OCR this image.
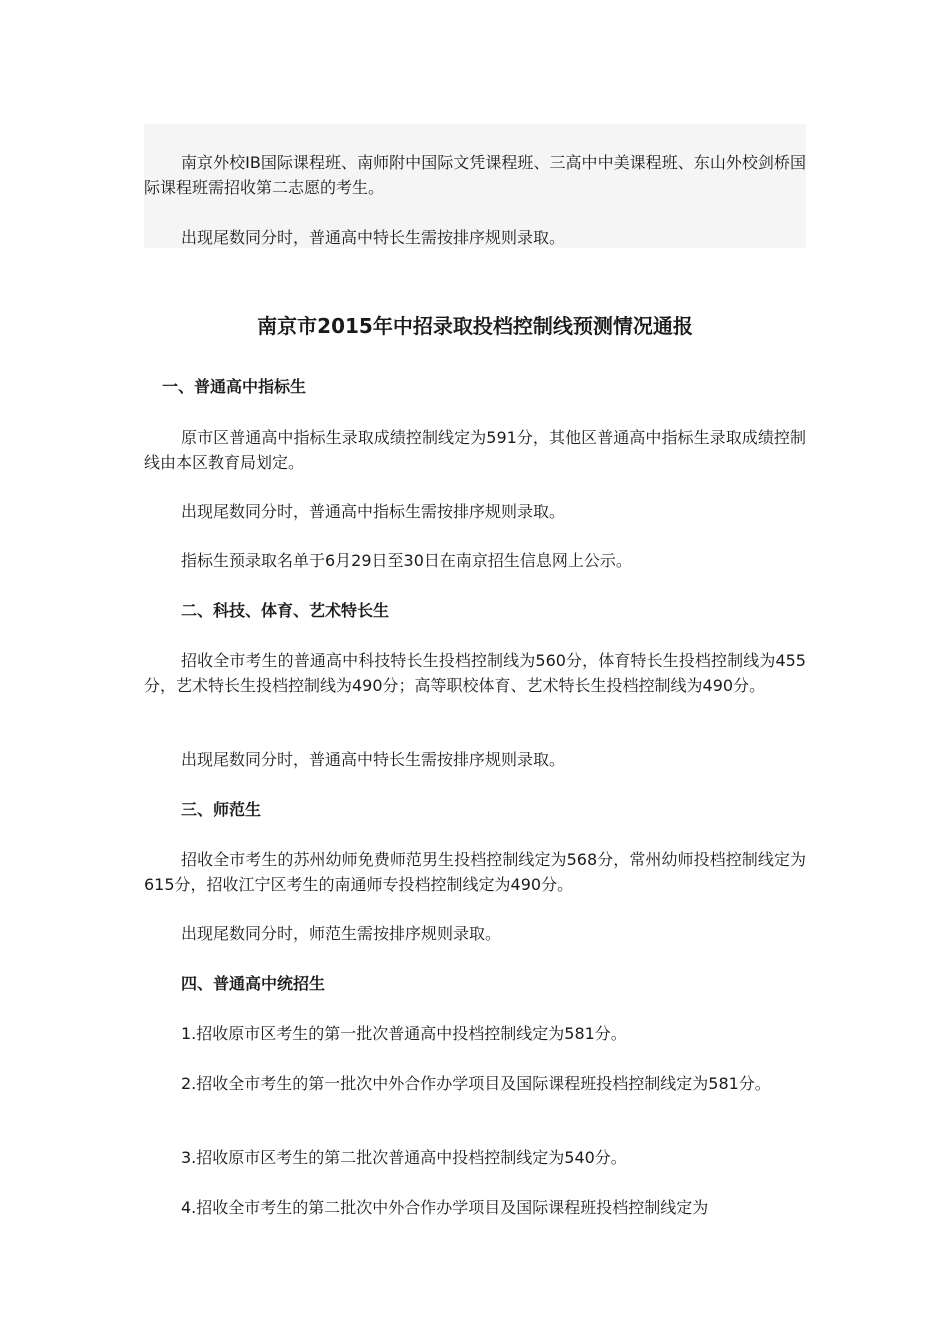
南京外校IB国际课程班、南师附中国际文凭课程班、三高中中美课程班、东山外校剑桥国际课程班需招收第二志愿的考生。

出现尾数同分时，普通高中特长生需按排序规则录取。

南京市2015年中招录取投档控制线预测情况通报

一、普通高中指标生

原市区普通高中指标生录取成绩控制线定为591分，其他区普通高中指标生录取成绩控制线由本区教育局划定。

出现尾数同分时，普通高中指标生需按排序规则录取。

指标生预录取名单于6月29日至30日在南京招生信息网上公示。

二、科技、体育、艺术特长生

招收全市考生的普通高中科技特长生投档控制线为560分，体育特长生投档控制线为455分，艺术特长生投档控制线为490分；高等职校体育、艺术特长生投档控制线为490分。

出现尾数同分时，普通高中特长生需按排序规则录取。

三、师范生

招收全市考生的苏州幼师免费师范男生投档控制线定为568分，常州幼师投档控制线定为615分，招收江宁区考生的南通师专投档控制线定为490分。

出现尾数同分时，师范生需按排序规则录取。

四、普通高中统招生

1.招收原市区考生的第一批次普通高中投档控制线定为581分。

2.招收全市考生的第一批次中外合作办学项目及国际课程班投档控制线定为581分。

3.招收原市区考生的第二批次普通高中投档控制线定为540分。

4.招收全市考生的第二批次中外合作办学项目及国际课程班投档控制线定为
